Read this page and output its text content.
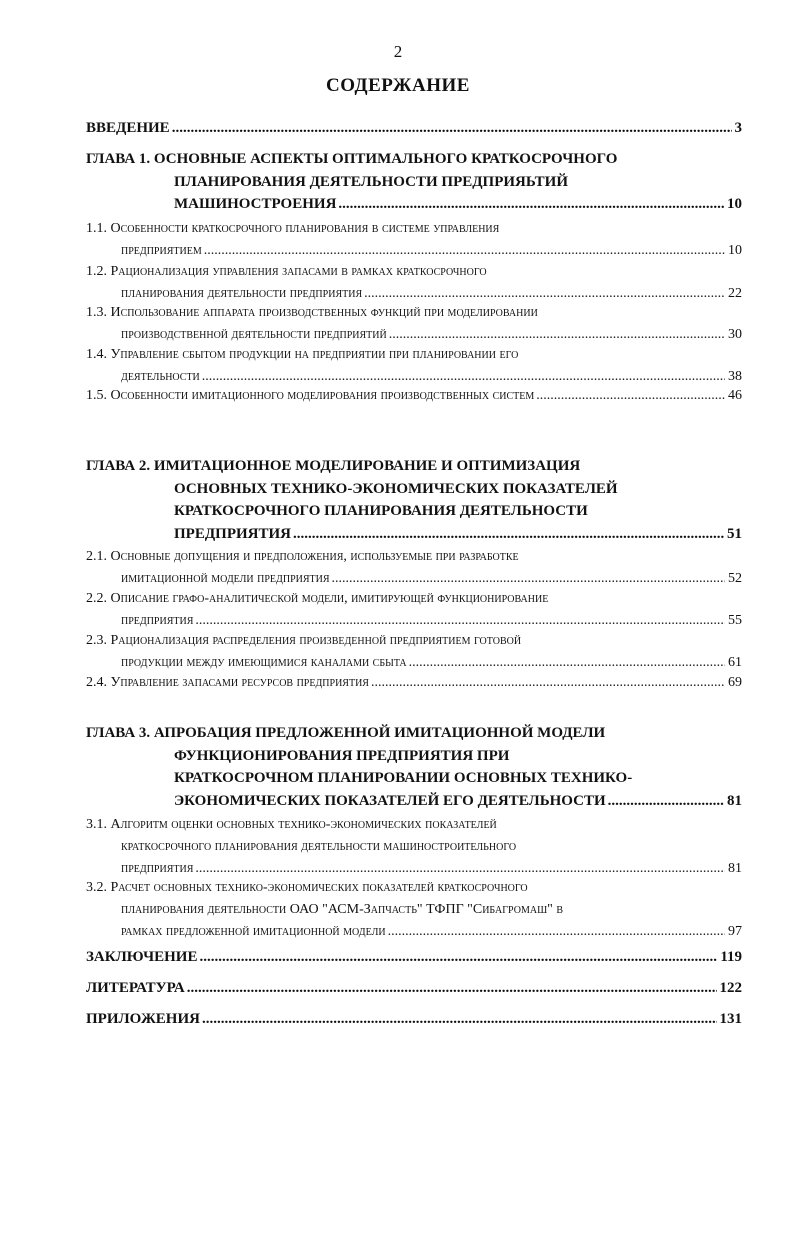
2
СОДЕРЖАНИЕ
ВВЕДЕНИЕ .....	3
ГЛАВА 1. ОСНОВНЫЕ АСПЕКТЫ ОПТИМАЛЬНОГО КРАТКОСРОЧНОГО
ПЛАНИРОВАНИЯ ДЕЯТЕЛЬНОСТИ ПРЕДПРИЯЬТИЙ
МАШИНОСТРОЕНИЯ .....	10
1.1. Особенности краткосрочного планирования в системе управления
предприятием .....	10
1.2. Рационализация управления запасами в рамках краткосрочного
планирования деятельности предприятия .....	22
1.3. Использование аппарата производственных функций при моделировании
производственной деятельности предприятий .....	30
1.4. Управление сбытом продукции на предприятии при планировании его
деятельности .....	38
1.5. Особенности имитационного моделирования производственных систем .....	46
ГЛАВА 2. ИМИТАЦИОННОЕ МОДЕЛИРОВАНИЕ И ОПТИМИЗАЦИЯ
ОСНОВНЫХ ТЕХНИКО-ЭКОНОМИЧЕСКИХ ПОКАЗАТЕЛЕЙ
КРАТКОСРОЧНОГО ПЛАНИРОВАНИЯ ДЕЯТЕЛЬНОСТИ
ПРЕДПРИЯТИЯ .....	51
2.1. Основные допущения и предположения, используемые при разработке
имитационной модели предприятия .....	52
2.2. Описание графо-аналитической модели, имитирующей функционирование
предприятия .....	55
2.3. Рационализация распределения произведенной предприятием готовой
продукции между имеющимися каналами сбыта .....	61
2.4. Управление запасами ресурсов предприятия .....	69
ГЛАВА 3. АПРОБАЦИЯ ПРЕДЛОЖЕННОЙ ИМИТАЦИОННОЙ МОДЕЛИ
ФУНКЦИОНИРОВАНИЯ ПРЕДПРИЯТИЯ ПРИ
КРАТКОСРОЧНОМ ПЛАНИРОВАНИИ ОСНОВНЫХ ТЕХНИКО-
ЭКОНОМИЧЕСКИХ ПОКАЗАТЕЛЕЙ ЕГО ДЕЯТЕЛЬНОСТИ .....	81
3.1. Алгоритм оценки основных технико-экономических показателей
краткосрочного планирования деятельности машиностроительного
предприятия .....	81
3.2. Расчет основных технико-экономических показателей краткосрочного
планирования деятельности ОАО "АСМ-Запчасть" ТФПГ "Сибагромаш" в
рамках предложенной имитационной модели .....	97
ЗАКЛЮЧЕНИЕ .....	119
ЛИТЕРАТУРА .....	122
ПРИЛОЖЕНИЯ .....	131
